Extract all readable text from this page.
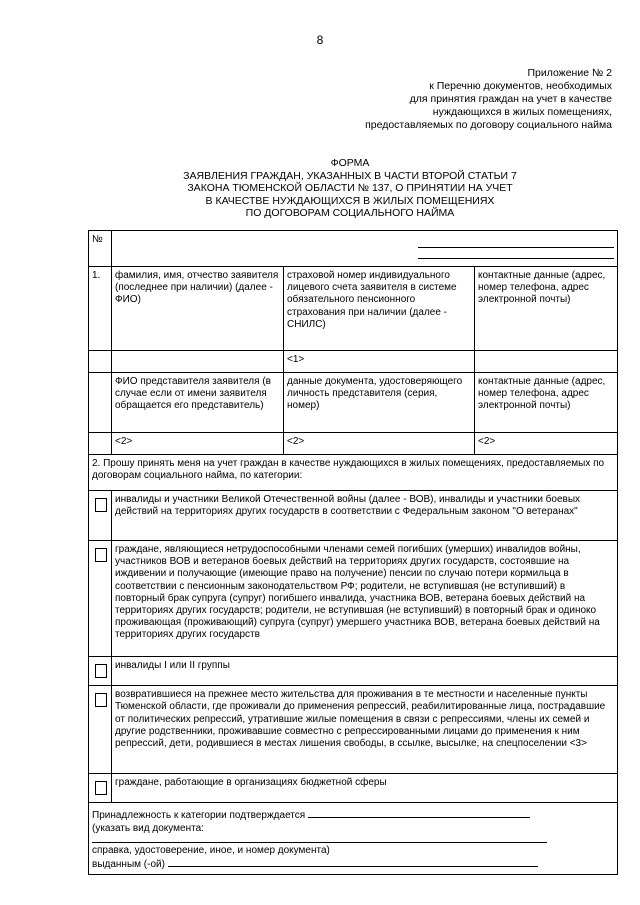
8
Приложение № 2
к Перечню документов, необходимых
для принятия граждан на учет в качестве
нуждающихся в жилых помещениях,
предоставляемых по договору социального найма
ФОРМА
ЗАЯВЛЕНИЯ ГРАЖДАН, УКАЗАННЫХ В ЧАСТИ ВТОРОЙ СТАТЬИ 7
ЗАКОНА ТЮМЕНСКОЙ ОБЛАСТИ № 137, О ПРИНЯТИИ НА УЧЕТ
В КАЧЕСТВЕ НУЖДАЮЩИХСЯ В ЖИЛЫХ ПОМЕЩЕНИЯХ
ПО ДОГОВОРАМ СОЦИАЛЬНОГО НАЙМА
№			

1.	фамилия, имя, отчество заявителя (последнее при наличии) (далее - ФИО)	страховой номер индивидуального лицевого счета заявителя в системе обязательного пенсионного страхования при наличии (далее - СНИЛС)	контактные данные (адрес, номер телефона, адрес электронной почты)
		<1>	
	ФИО представителя заявителя (в случае если от имени заявителя обращается его представитель)	данные документа, удостоверяющего личность представителя (серия, номер)	контактные данные (адрес, номер телефона, адрес электронной почты)
	<2>	<2>	<2>
2. Прошу принять меня на учет граждан в качестве нуждающихся в жилых помещениях, предоставляемых по договорам социального найма, по категории:			
	инвалиды и участники Великой Отечественной войны (далее - ВОВ), инвалиды и участники боевых действий на территориях других государств в соответствии с Федеральным законом "О ветеранах"		
	граждане, являющиеся нетрудоспособными членами семей погибших (умерших) инвалидов войны, участников ВОВ и ветеранов боевых действий на территориях других государств, состоявшие на иждивении и получающие (имеющие право на получение) пенсии по случаю потери кормильца в соответствии с пенсионным законодательством РФ; родители, не вступившая (не вступивший) в повторный брак супруга (супруг) погибшего инвалида, участника ВОВ, ветерана боевых действий на территориях других государств; родители, не вступившая (не вступивший) в повторный брак и одиноко проживающая (проживающий) супруга (супруг) умершего участника ВОВ, ветерана боевых действий на территориях других государств		
	инвалиды I или II группы		
	возвратившиеся на прежнее место жительства для проживания в те местности и населенные пункты Тюменской области, где проживали до применения репрессий, реабилитированные лица, пострадавшие от политических репрессий, утратившие жилые помещения в связи с репрессиями, члены их семей и другие родственники, проживавшие совместно с репрессированными лицами до применения к ним репрессий, дети, родившиеся в местах лишения свободы, в ссылке, высылке, на спецпоселении <3>		
	граждане, работающие в организациях бюджетной сферы		

Принадлежность к категории подтверждается
(указать вид документа:
справка, удостоверение, иное, и номер документа)
выданным (-ой)			
